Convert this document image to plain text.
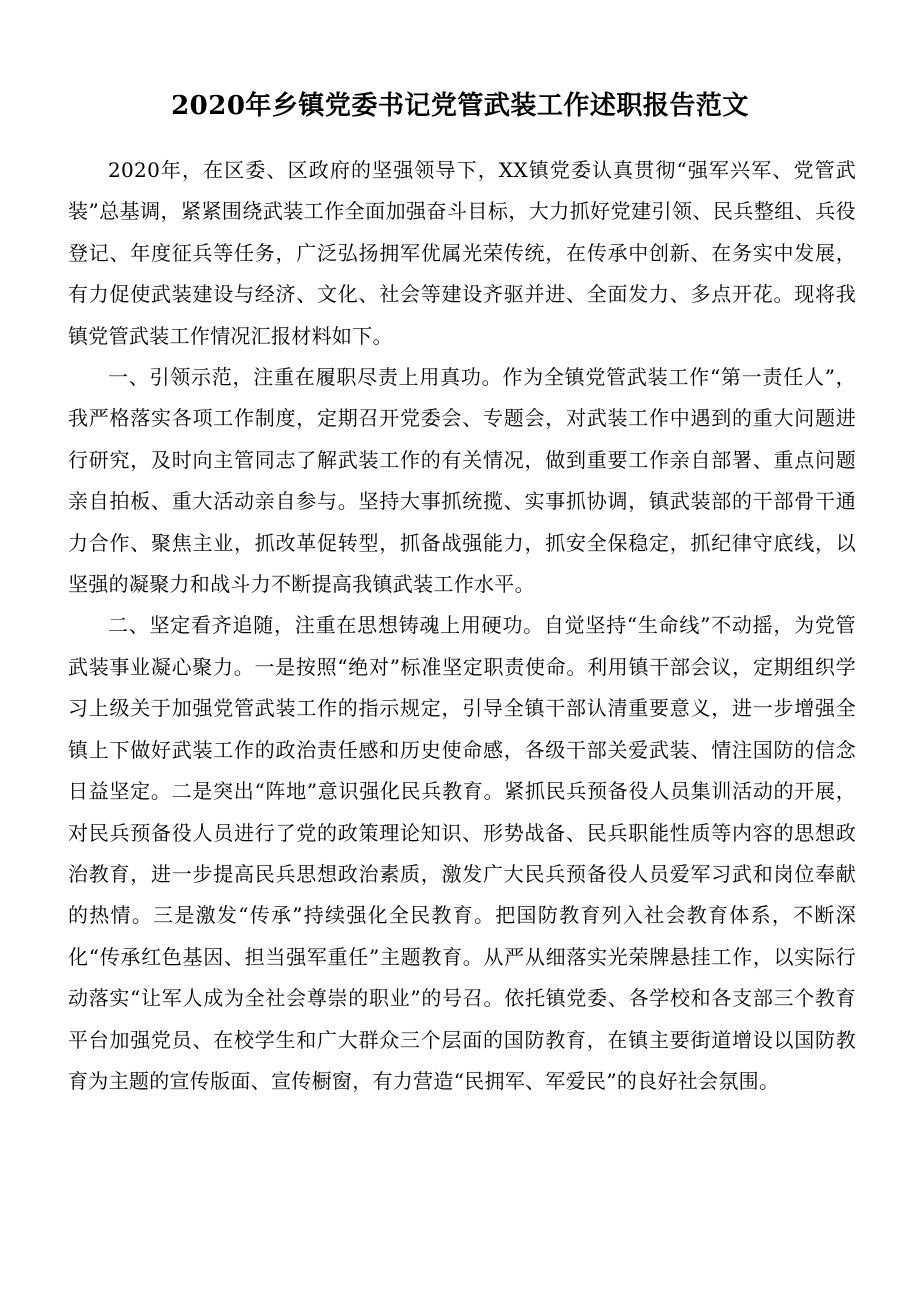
2020年乡镇党委书记党管武装工作述职报告范文

2020年，在区委、区政府的坚强领导下，XX镇党委认真贯彻“强军兴军、党管武装”总基调，紧紧围绕武装工作全面加强奋斗目标，大力抓好党建引领、民兵整组、兵役登记、年度征兵等任务，广泛弘扬拥军优属光荣传统，在传承中创新、在务实中发展，有力促使武装建设与经济、文化、社会等建设齐驱并进、全面发力、多点开花。现将我镇党管武装工作情况汇报材料如下。

一、引领示范，注重在履职尽责上用真功。作为全镇党管武装工作“第一责任人”，我严格落实各项工作制度，定期召开党委会、专题会，对武装工作中遇到的重大问题进行研究，及时向主管同志了解武装工作的有关情况，做到重要工作亲自部署、重点问题亲自拍板、重大活动亲自参与。坚持大事抓统揽、实事抓协调，镇武装部的干部骨干通力合作、聚焦主业，抓改革促转型，抓备战强能力，抓安全保稳定，抓纪律守底线，以坚强的凝聚力和战斗力不断提高我镇武装工作水平。

二、坚定看齐追随，注重在思想铸魂上用硬功。自觉坚持“生命线”不动摇，为党管武装事业凝心聚力。一是按照“绝对”标准坚定职责使命。利用镇干部会议，定期组织学习上级关于加强党管武装工作的指示规定，引导全镇干部认清重要意义，进一步增强全镇上下做好武装工作的政治责任感和历史使命感，各级干部关爱武装、情注国防的信念日益坚定。二是突出“阵地”意识强化民兵教育。紧抓民兵预备役人员集训活动的开展，对民兵预备役人员进行了党的政策理论知识、形势战备、民兵职能性质等内容的思想政治教育，进一步提高民兵思想政治素质，激发广大民兵预备役人员爱军习武和岗位奉献的热情。三是激发“传承”持续强化全民教育。把国防教育列入社会教育体系，不断深化“传承红色基因、担当强军重任”主题教育。从严从细落实光荣牌悬挂工作，以实际行动落实“让军人成为全社会尊崇的职业”的号召。依托镇党委、各学校和各支部三个教育平台加强党员、在校学生和广大群众三个层面的国防教育，在镇主要街道增设以国防教育为主题的宣传版面、宣传橱窗，有力营造“民拥军、军爱民”的良好社会氛围。
